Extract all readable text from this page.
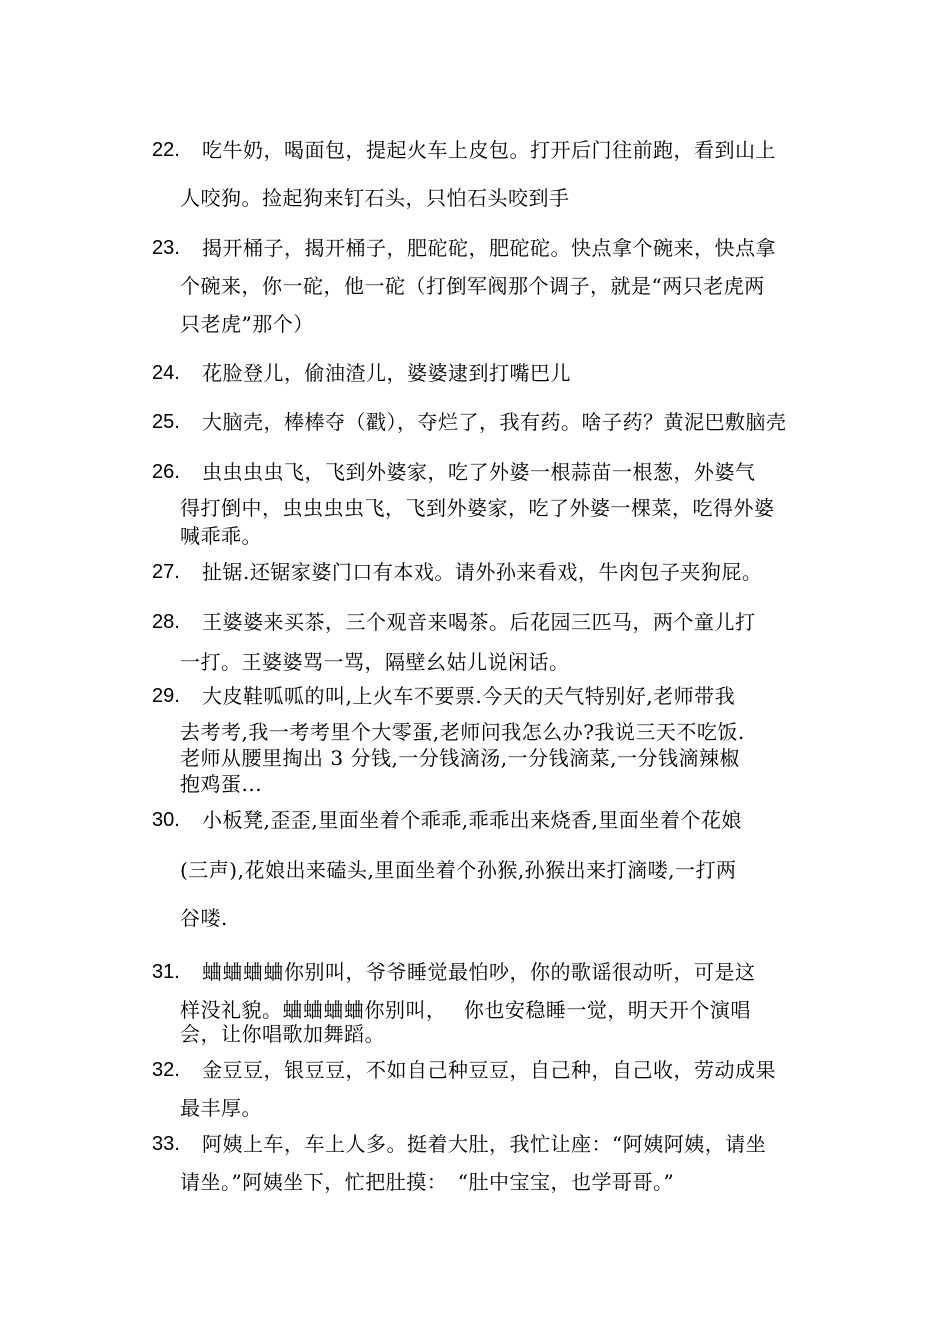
22.	吃牛奶，喝面包，提起火车上皮包。打开后门往前跑，看到山上
人咬狗。捡起狗来钉石头，只怕石头咬到手
23.	揭开桶子，揭开桶子，肥砣砣，肥砣砣。快点拿个碗来，快点拿
个碗来，你一砣，他一砣（打倒军阀那个调子，就是“两只老虎两
只老虎”那个）
24.	花脸登儿，偷油渣儿，婆婆逮到打嘴巴儿
25.	大脑壳，棒棒夺（戳），夺烂了，我有药。啥子药？黄泥巴敷脑壳
26.	虫虫虫虫飞，飞到外婆家，吃了外婆一根蒜苗一根葱，外婆气
得打倒中，虫虫虫虫飞，飞到外婆家，吃了外婆一棵菜，吃得外婆
喊乖乖。
27.	扯锯.还锯家婆门口有本戏。请外孙来看戏，牛肉包子夹狗屁。
28.	王婆婆来买茶，三个观音来喝茶。后花园三匹马，两个童儿打
一打。王婆婆骂一骂，隔壁幺姑儿说闲话。
29.	大皮鞋呱呱的叫,上火车不要票.今天的天气特别好,老师带我
去考考,我一考考里个大零蛋,老师问我怎么办?我说三天不吃饭.
老师从腰里掏出 3 分钱,一分钱滴汤,一分钱滴菜,一分钱滴辣椒
抱鸡蛋...
30.	小板凳,歪歪,里面坐着个乖乖,乖乖出来烧香,里面坐着个花娘
(三声),花娘出来磕头,里面坐着个孙猴,孙猴出来打滴喽,一打两
谷喽.
31.	蛐蛐蛐蛐你别叫，爷爷睡觉最怕吵，你的歌谣很动听，可是这
样没礼貌。蛐蛐蛐蛐你别叫，　 你也安稳睡一觉，明天开个演唱
会，让你唱歌加舞蹈。
32.	金豆豆，银豆豆，不如自己种豆豆，自己种，自己收，劳动成果
最丰厚。
33.	阿姨上车，车上人多。挺着大肚，我忙让座：“阿姨阿姨，请坐
请坐。”阿姨坐下，忙把肚摸：　“肚中宝宝，也学哥哥。”
